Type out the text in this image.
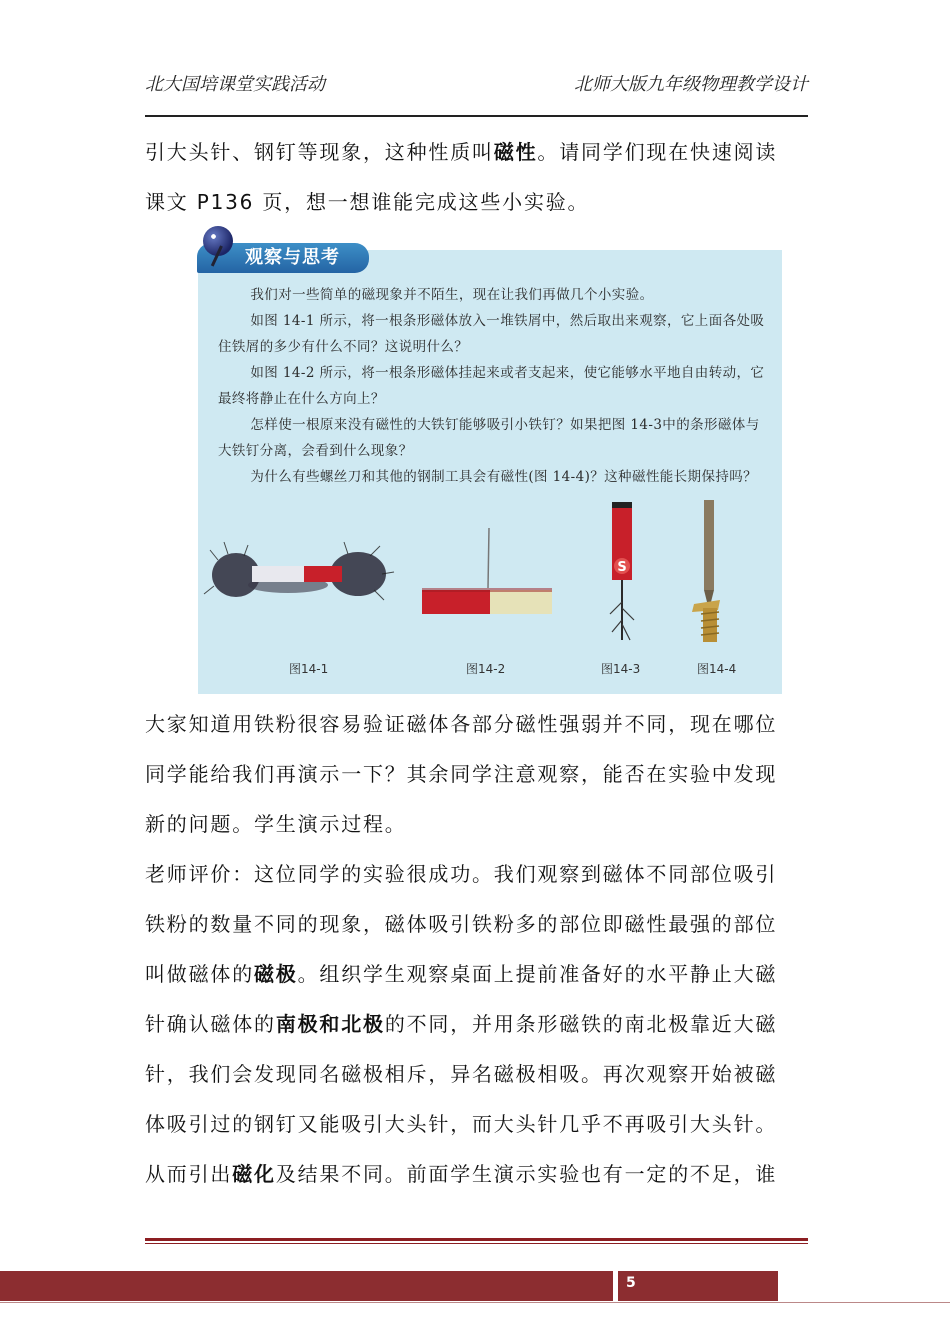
北大国培课堂实践活动	北师大版九年级物理教学设计
引大头针、钢钉等现象，这种性质叫磁性。请同学们现在快速阅读
课文 P136 页，想一想谁能完成这些小实验。
观察与思考

我们对一些简单的磁现象并不陌生，现在让我们再做几个小实验。

如图 14-1 所示，将一根条形磁体放入一堆铁屑中，然后取出来观察，它上面各处吸住铁屑的多少有什么不同？这说明什么？

如图 14-2 所示，将一根条形磁体挂起来或者支起来，使它能够水平地自由转动，它最终将静止在什么方向上？

怎样使一根原来没有磁性的大铁钉能够吸引小铁钉？如果把图 14-3中的条形磁体与大铁钉分离，会看到什么现象？

为什么有些螺丝刀和其他的钢制工具会有磁性(图 14-4)？这种磁性能长期保持吗？

S
图14-1	图14-2	图14-3	图14-4
大家知道用铁粉很容易验证磁体各部分磁性强弱并不同，现在哪位
同学能给我们再演示一下？其余同学注意观察，能否在实验中发现
新的问题。学生演示过程。
老师评价：这位同学的实验很成功。我们观察到磁体不同部位吸引
铁粉的数量不同的现象，磁体吸引铁粉多的部位即磁性最强的部位
叫做磁体的磁极。组织学生观察桌面上提前准备好的水平静止大磁
针确认磁体的南极和北极的不同，并用条形磁铁的南北极靠近大磁
针，我们会发现同名磁极相斥，异名磁极相吸。再次观察开始被磁
体吸引过的钢钉又能吸引大头针，而大头针几乎不再吸引大头针。
从而引出磁化及结果不同。前面学生演示实验也有一定的不足，谁
5
